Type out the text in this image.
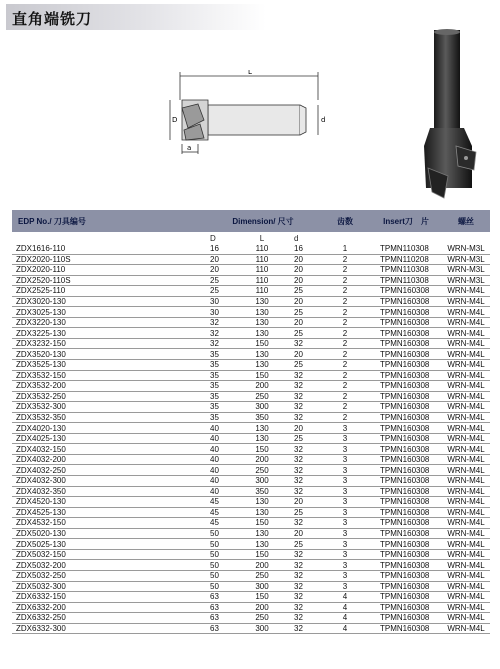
直角端铣刀
L
D	d
a
EDP No./ 刀具编号	Dimension/ 尺寸			齿数	Insert刀　片	螺丝
	D	L	d			
ZDX1616-110	16	110	16	1	TPMN110308	WRN-M3L
ZDX2020-110S	20	110	20	2	TPMN110208	WRN-M3L
ZDX2020-110	20	110	20	2	TPMN110308	WRN-M3L
ZDX2520-110S	25	110	20	2	TPMN110308	WRN-M3L
ZDX2525-110	25	110	25	2	TPMN160308	WRN-M4L
ZDX3020-130	30	130	20	2	TPMN160308	WRN-M4L
ZDX3025-130	30	130	25	2	TPMN160308	WRN-M4L
ZDX3220-130	32	130	20	2	TPMN160308	WRN-M4L
ZDX3225-130	32	130	25	2	TPMN160308	WRN-M4L
ZDX3232-150	32	150	32	2	TPMN160308	WRN-M4L
ZDX3520-130	35	130	20	2	TPMN160308	WRN-M4L
ZDX3525-130	35	130	25	2	TPMN160308	WRN-M4L
ZDX3532-150	35	150	32	2	TPMN160308	WRN-M4L
ZDX3532-200	35	200	32	2	TPMN160308	WRN-M4L
ZDX3532-250	35	250	32	2	TPMN160308	WRN-M4L
ZDX3532-300	35	300	32	2	TPMN160308	WRN-M4L
ZDX3532-350	35	350	32	2	TPMN160308	WRN-M4L
ZDX4020-130	40	130	20	3	TPMN160308	WRN-M4L
ZDX4025-130	40	130	25	3	TPMN160308	WRN-M4L
ZDX4032-150	40	150	32	3	TPMN160308	WRN-M4L
ZDX4032-200	40	200	32	3	TPMN160308	WRN-M4L
ZDX4032-250	40	250	32	3	TPMN160308	WRN-M4L
ZDX4032-300	40	300	32	3	TPMN160308	WRN-M4L
ZDX4032-350	40	350	32	3	TPMN160308	WRN-M4L
ZDX4520-130	45	130	20	3	TPMN160308	WRN-M4L
ZDX4525-130	45	130	25	3	TPMN160308	WRN-M4L
ZDX4532-150	45	150	32	3	TPMN160308	WRN-M4L
ZDX5020-130	50	130	20	3	TPMN160308	WRN-M4L
ZDX5025-130	50	130	25	3	TPMN160308	WRN-M4L
ZDX5032-150	50	150	32	3	TPMN160308	WRN-M4L
ZDX5032-200	50	200	32	3	TPMN160308	WRN-M4L
ZDX5032-250	50	250	32	3	TPMN160308	WRN-M4L
ZDX5032-300	50	300	32	3	TPMN160308	WRN-M4L
ZDX6332-150	63	150	32	4	TPMN160308	WRN-M4L
ZDX6332-200	63	200	32	4	TPMN160308	WRN-M4L
ZDX6332-250	63	250	32	4	TPMN160308	WRN-M4L
ZDX6332-300	63	300	32	4	TPMN160308	WRN-M4L
